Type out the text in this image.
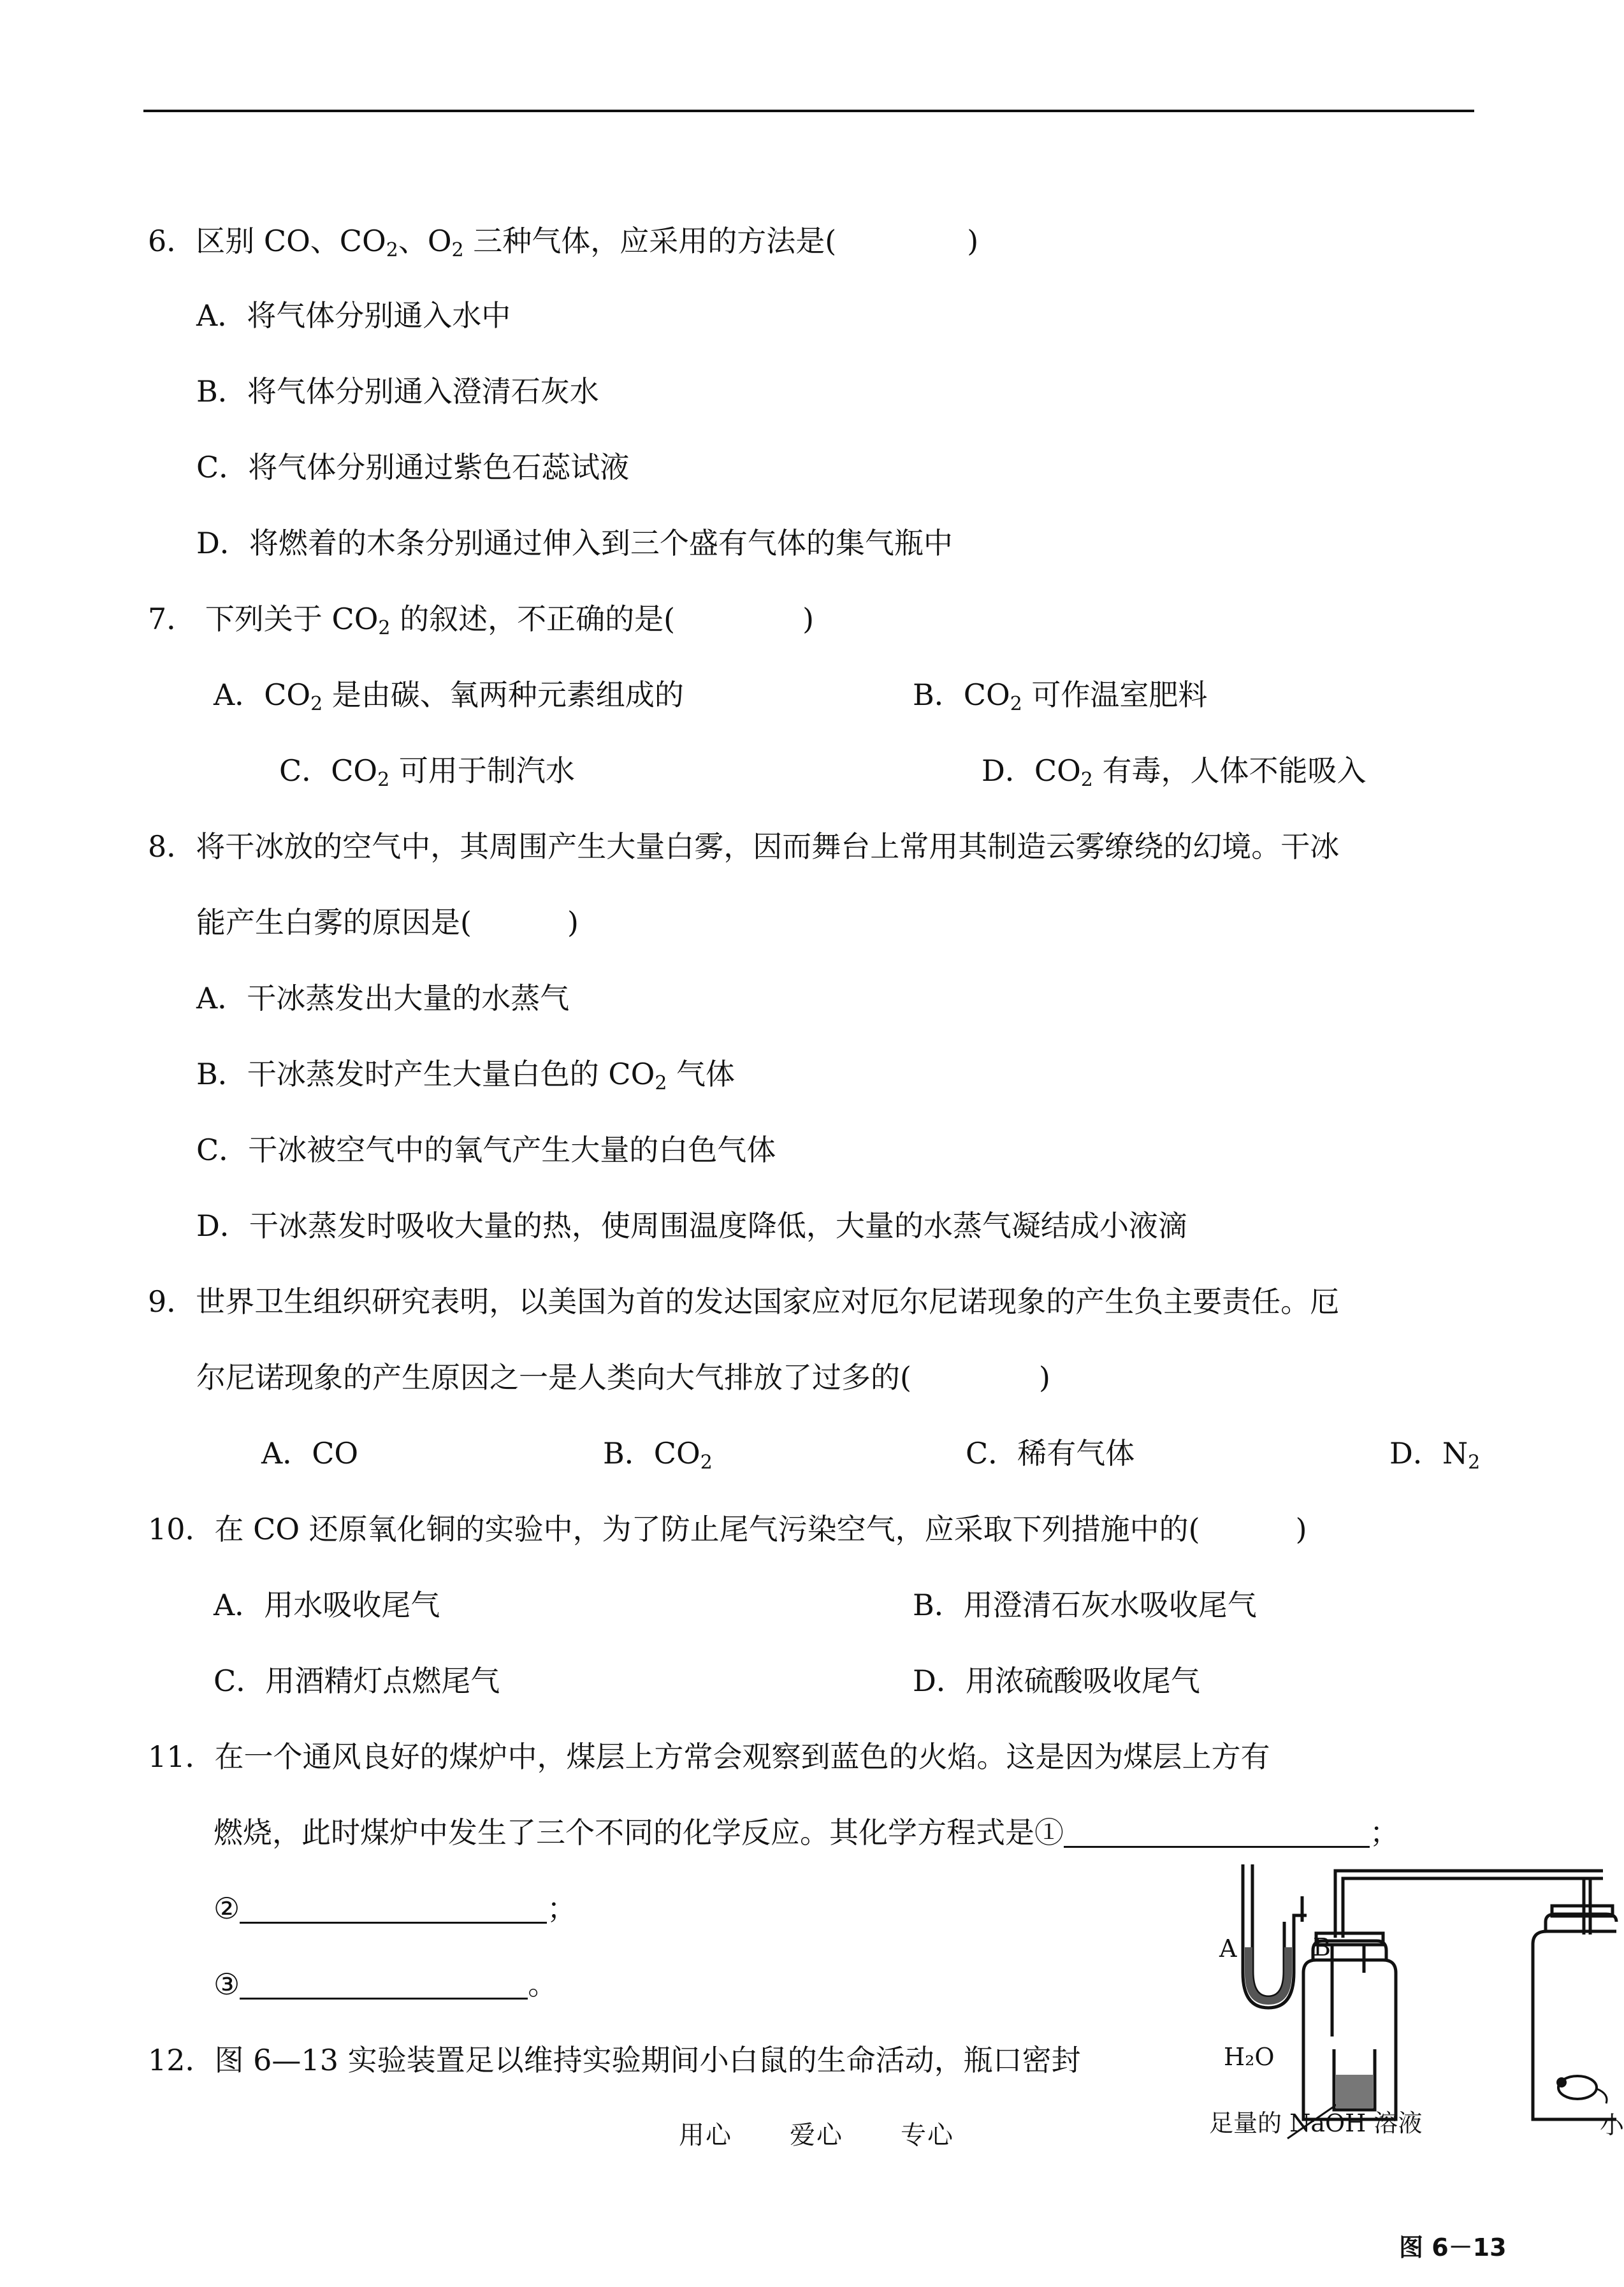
6．区别 CO、$CO_2$、$O_2$ 三种气体，应采用的方法是(	)
A．将气体分别通入水中
B．将气体分别通入澄清石灰水
C．将气体分别通过紫色石蕊试液
D．将燃着的木条分别通过伸入到三个盛有气体的集气瓶中
7． 下列关于 $CO_2$ 的叙述，不正确的是(	)
A．$CO_2$ 是由碳、氧两种元素组成的	B．$CO_2$ 可作温室肥料
C．$CO_2$ 可用于制汽水	D．$CO_2$ 有毒，人体不能吸入
8．将干冰放的空气中，其周围产生大量白雾，因而舞台上常用其制造云雾缭绕的幻境。干冰
能产生白雾的原因是(	)
A．干冰蒸发出大量的水蒸气
B．干冰蒸发时产生大量白色的 $CO_2$ 气体
C．干冰被空气中的氧气产生大量的白色气体
D．干冰蒸发时吸收大量的热，使周围温度降低，大量的水蒸气凝结成小液滴
9．世界卫生组织研究表明，以美国为首的发达国家应对厄尔尼诺现象的产生负主要责任。厄
尔尼诺现象的产生原因之一是人类向大气排放了过多的(	)
A．CO	B．$CO_2$	C．稀有气体	D．$N_2$
10．在 CO 还原氧化铜的实验中，为了防止尾气污染空气，应采取下列措施中的(	)
A．用水吸收尾气	B．用澄清石灰水吸收尾气
C．用酒精灯点燃尾气	D．用浓硫酸吸收尾气
11．在一个通风良好的煤炉中，煤层上方常会观察到蓝色的火焰。这是因为煤层上方有
燃烧，此时煤炉中发生了三个不同的化学反应。其化学方程式是①	；
②	；
③	。
12．图 6—13 实验装置足以维持实验期间小白鼠的生命活动，瓶口密封
A	B
H₂O
足量的 NaOH 溶液	小
图 6－13
用心 爱心 专心
